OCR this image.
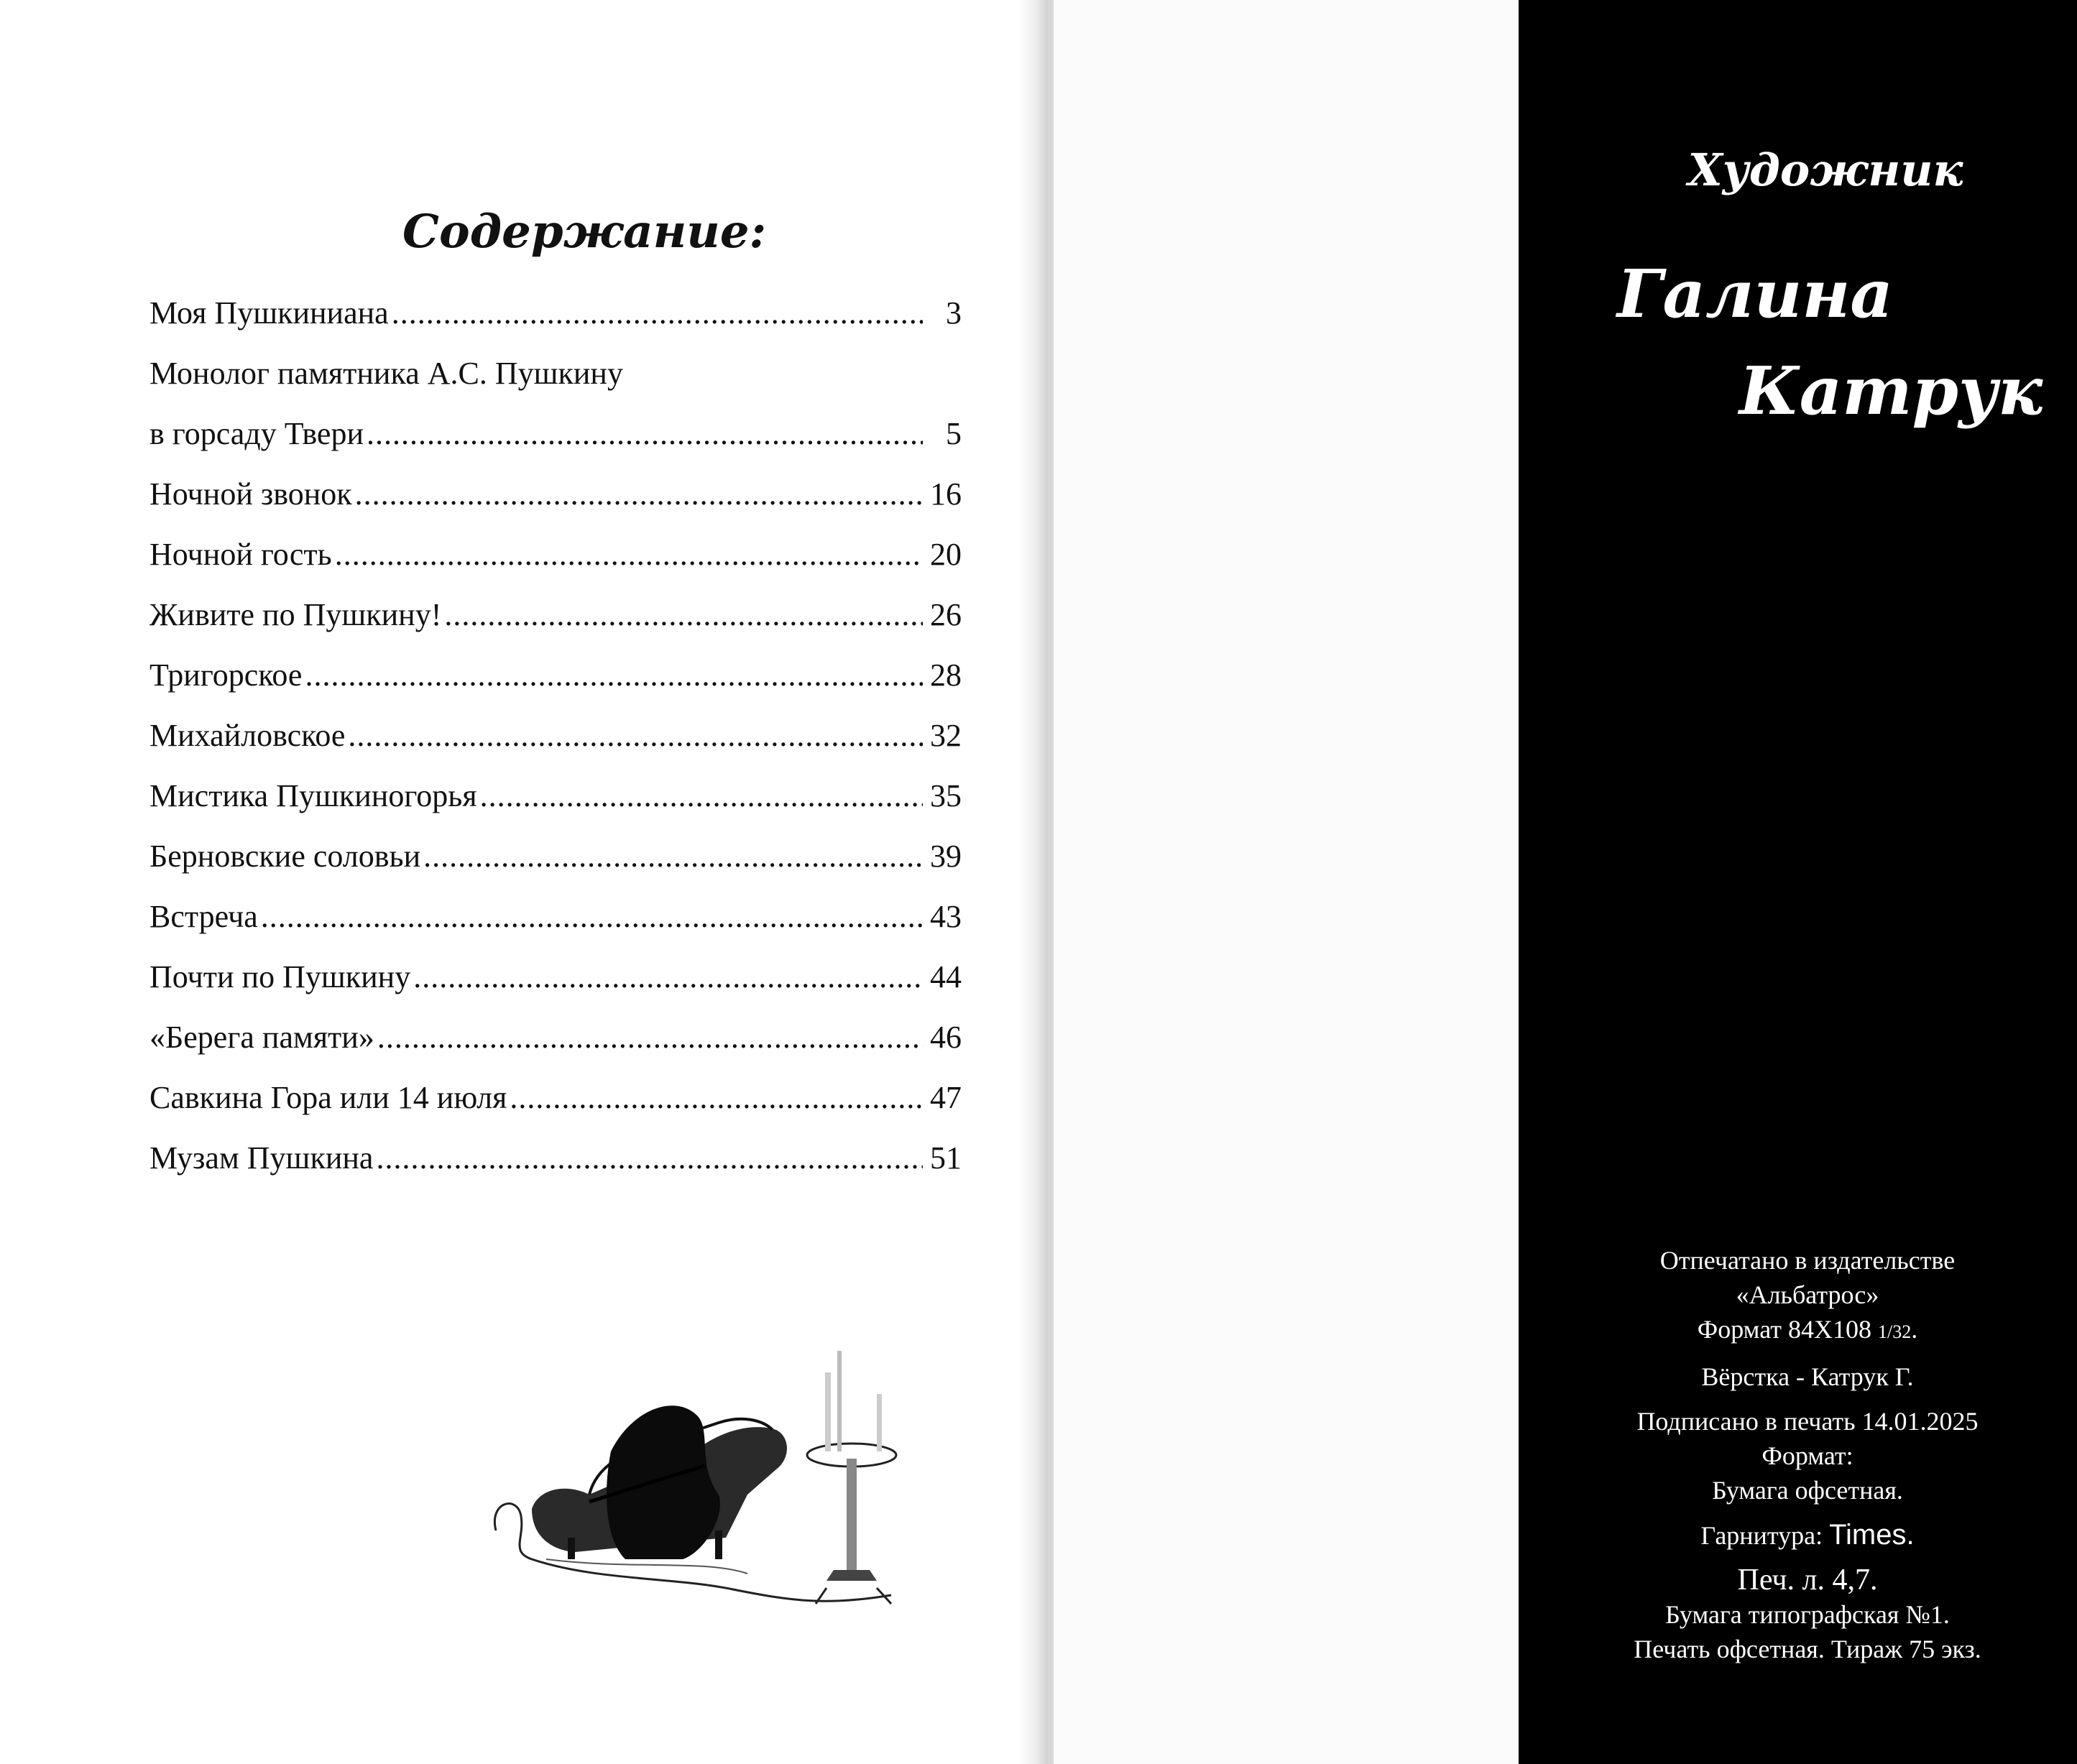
Содержание:
Моя Пушкиниана .....	3
Монолог памятника А.С. Пушкину
в горсаду Твери .....	5
Ночной звонок .....	16
Ночной гость .....	20
Живите по Пушкину! .....	26
Тригорское .....	28
Михайловское .....	32
Мистика Пушкиногорья .....	35
Берновские соловьи .....	39
Встреча .....	43
Почти по Пушкину .....	44
«Берега памяти» .....	46
Савкина Гора или 14 июля .....	47
Музам Пушкина .....	51
Художник
Галина
Катрук
Отпечатано в издательстве
«Альбатрос»
Формат 84Х108 1/32.
Вёрстка - Катрук Г.
Подписано в печать 14.01.2025
Формат:
Бумага офсетная.
Гарнитура: Times.
Печ. л. 4,7.
Бумага типографская №1.
Печать офсетная. Тираж 75 экз.
